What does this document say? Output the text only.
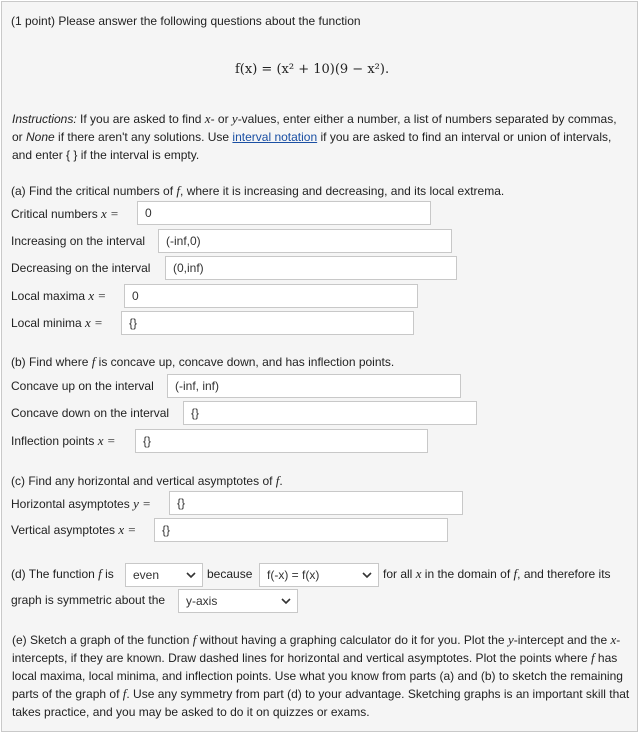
(1 point) Please answer the following questions about the function
f(x) = (x² + 10)(9 − x²).
Instructions: If you are asked to find x- or y-values, enter either a number, a list of numbers separated by commas, or None if there aren't any solutions. Use interval notation if you are asked to find an interval or union of intervals, and enter { } if the interval is empty.
(a) Find the critical numbers of f, where it is increasing and decreasing, and its local extrema.
Critical numbers x =	0
Increasing on the interval	(-inf,0)
Decreasing on the interval	(0,inf)
Local maxima x =	0
Local minima x =	{}
(b) Find where f is concave up, concave down, and has inflection points.
Concave up on the interval	(-inf, inf)
Concave down on the interval	{}
Inflection points x =	{}
(c) Find any horizontal and vertical asymptotes of f.
Horizontal asymptotes y =	{}
Vertical asymptotes x =	{}
(d) The function f is	even	because	f(-x) = f(x)	for all x in the domain of f, and therefore its
graph is symmetric about the	y-axis
(e) Sketch a graph of the function f without having a graphing calculator do it for you. Plot the y-intercept and the x-intercepts, if they are known. Draw dashed lines for horizontal and vertical asymptotes. Plot the points where f has local maxima, local minima, and inflection points. Use what you know from parts (a) and (b) to sketch the remaining parts of the graph of f. Use any symmetry from part (d) to your advantage. Sketching graphs is an important skill that takes practice, and you may be asked to do it on quizzes or exams.
